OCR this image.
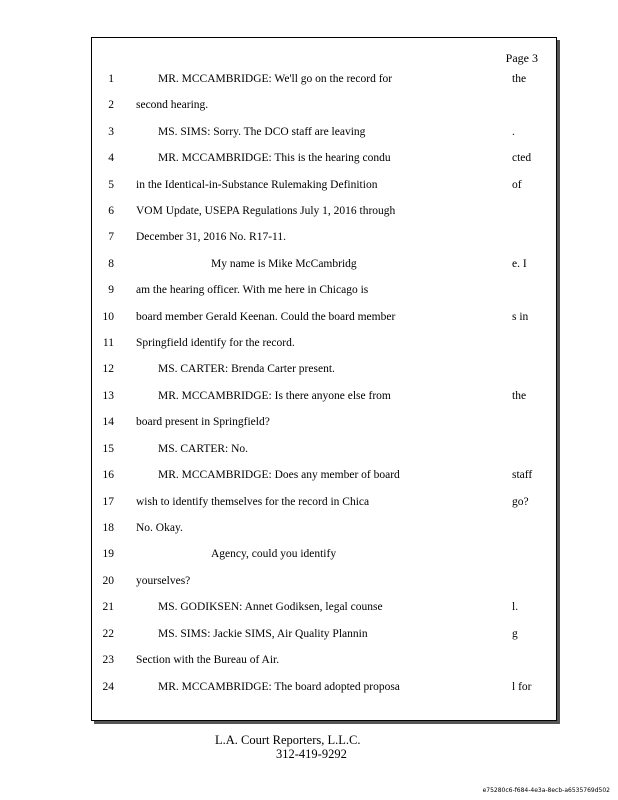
Page 3
1	MR. MCCAMBRIDGE: We'll go on the record for	the
2 second hearing.
3	MS. SIMS: Sorry. The DCO staff are leaving	.
4	MR. MCCAMBRIDGE: This is the hearing condu	cted
5 in the Identical-in-Substance Rulemaking Definition	of
6 VOM Update, USEPA Regulations July 1, 2016 through
7 December 31, 2016 No. R17-11.
8	My name is Mike McCambridg	e. I
9 am the hearing officer. With me here in Chicago is
10 board member Gerald Keenan. Could the board member	s in
11 Springfield identify for the record.
12	MS. CARTER: Brenda Carter present.
13	MR. MCCAMBRIDGE: Is there anyone else from	the
14 board present in Springfield?
15	MS. CARTER: No.
16	MR. MCCAMBRIDGE: Does any member of board	staff
17 wish to identify themselves for the record in Chica	go?
18 No. Okay.
19	Agency, could you identify
20 yourselves?
21	MS. GODIKSEN: Annet Godiksen, legal counse	l.
22	MS. SIMS: Jackie SIMS, Air Quality Plannin	g
23 Section with the Bureau of Air.
24	MR. MCCAMBRIDGE: The board adopted proposa	l for
L.A. Court Reporters, L.L.C.
312-419-9292
e75280c6-f684-4e3a-8ecb-a6535769d502
